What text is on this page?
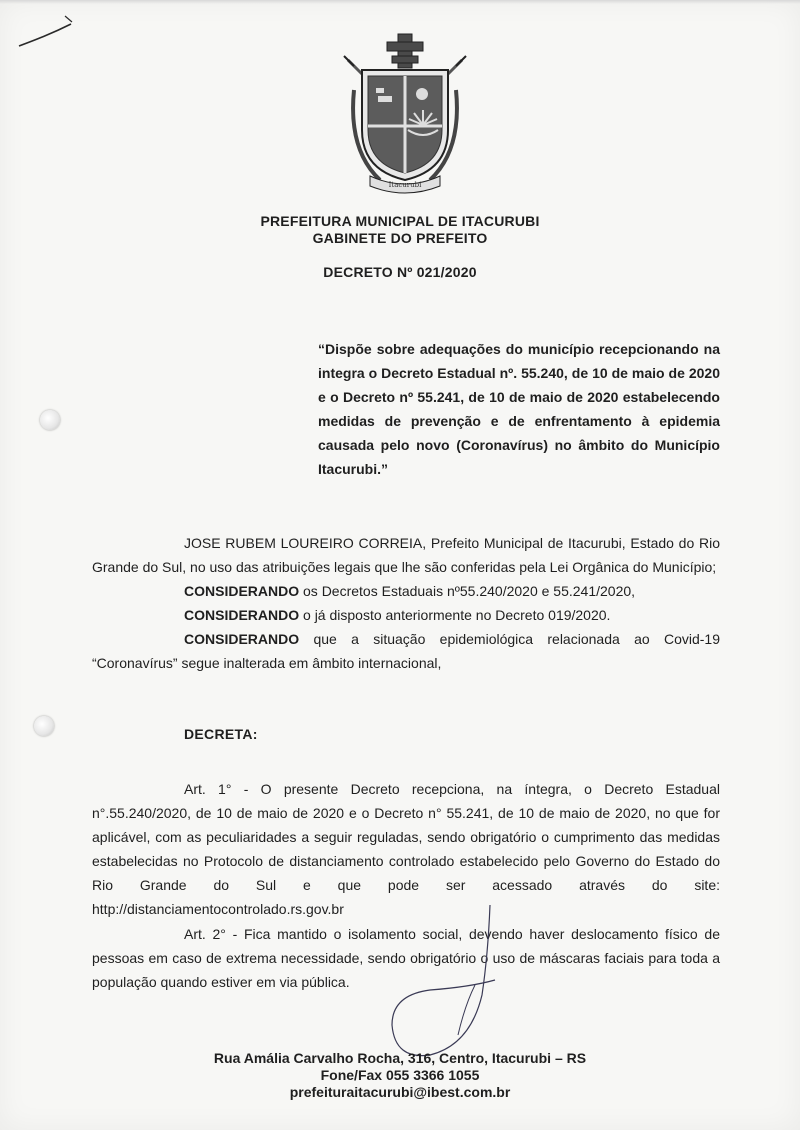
Itacurubi
PREFEITURA MUNICIPAL DE ITACURUBI
GABINETE DO PREFEITO
DECRETO Nº 021/2020
“Dispõe sobre adequações do município recepcionando na integra o Decreto Estadual nº. 55.240, de 10 de maio de 2020 e o Decreto nº 55.241, de 10 de maio de 2020 estabelecendo medidas de prevenção e de enfrentamento à epidemia causada pelo novo (Coronavírus) no âmbito do Município Itacurubi.”
JOSE RUBEM LOUREIRO CORREIA, Prefeito Municipal de Itacurubi, Estado do Rio Grande do Sul, no uso das atribuições legais que lhe são conferidas pela Lei Orgânica do Município;
CONSIDERANDO os Decretos Estaduais nº55.240/2020 e 55.241/2020,
CONSIDERANDO o já disposto anteriormente no Decreto 019/2020.
CONSIDERANDO que a situação epidemiológica relacionada ao Covid-19 “Coronavírus” segue inalterada em âmbito internacional,
DECRETA:
Art. 1° - O presente Decreto recepciona, na íntegra, o Decreto Estadual n°.55.240/2020, de 10 de maio de 2020 e o Decreto n° 55.241, de 10 de maio de 2020, no que for aplicável, com as peculiaridades a seguir reguladas, sendo obrigatório o cumprimento das medidas estabelecidas no Protocolo de distanciamento controlado estabelecido pelo Governo do Estado do Rio Grande do Sul e que pode ser acessado através do site: http://distanciamentocontrolado.rs.gov.br
Art. 2° - Fica mantido o isolamento social, devendo haver deslocamento físico de pessoas em caso de extrema necessidade, sendo obrigatório o uso de máscaras faciais para toda a população quando estiver em via pública.
Rua Amália Carvalho Rocha, 316, Centro, Itacurubi – RS
Fone/Fax 055 3366 1055
prefeituraitacurubi@ibest.com.br
